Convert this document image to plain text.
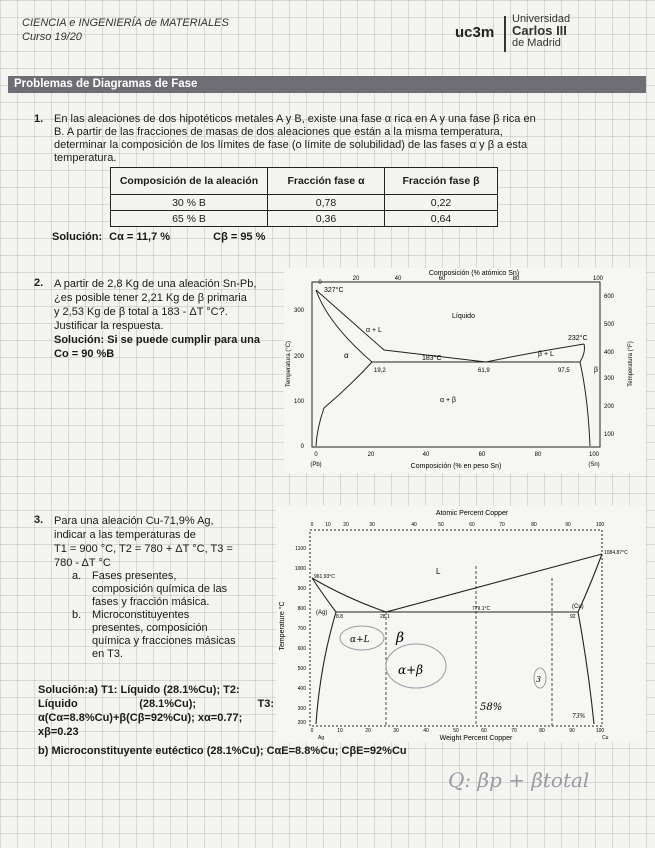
CIENCIA e INGENIERÍA de MATERIALES
Curso 19/20	uc3m
Universidad
Carlos III
de Madrid
Problemas de Diagramas de Fase
1. En las aleaciones de dos hipotéticos metales A y B, existe una fase α rica en A y una fase β rica en
B. A partir de las fracciones de masas de dos aleaciones que están a la misma temperatura,
determinar la composición de los límites de fase (o límite de solubilidad) de las fases α y β a esta
temperatura.
Composición de la aleación	Fracción fase α	Fracción fase β
30 % B	0,78	0,22
65 % B	0,36	0,64
Solución: Cα = 11,7 %	Cβ = 95 %
2. A partir de 2,8 Kg de una aleación Sn-Pb,
¿es posible tener 2,21 Kg de β primaria
y 2,53 Kg de β total a 183 - ΔT °C?.
Justificar la respuesta.
Solución: Si se puede cumplir para una
Co = 90 %B
Composición (% atómico Sn)
0
20	40	60	80	100
327°C
Líquido
α + L
β + L
α
β
α + β
183°C
232°C
19,2	61,9	97,5
300
200
100
0
Temperatura (°C)
600
500
400
300
200
100
Temperatura (°F)
0	20	40	60	80	100
(Pb)	(Sn)
Composición (% en peso Sn)
3. Para una aleación Cu-71,9% Ag,
indicar a las temperaturas de
T1 = 900 °C, T2 = 780 + ΔT °C, T3 =
780 - ΔT °C
a. Fases presentes,
composición química de las
fases y fracción másica.
b. Microconstituyentes
presentes, composición
química y fracciones másicas
en T3.
Solución:a) T1: Líquido (28.1%Cu); T2:
Líquido	(28.1%Cu);	T3:
α(Cα=8.8%Cu)+β(Cβ=92%Cu); xα=0.77;
xβ=0.23
b) Microconstituyente eutéctico (28.1%Cu); CαE=8.8%Cu; CβE=92%Cu
Atomic Percent Copper
0 10 20	30	40	50	60	70	80	90	100
1100
1000
900
800
700
600
500
400
300
200
Temperature °C
961.93°C
1084.87°C
779.1°C
L
(Ag)
(Cu)
8.8	28.1	92
0	10	20	30	40	50	60	70	80	90	100
Ag	Cu
Weight Percent Copper
α+L
α+β
β
58%
3
73%
Q: βp + βtotal
